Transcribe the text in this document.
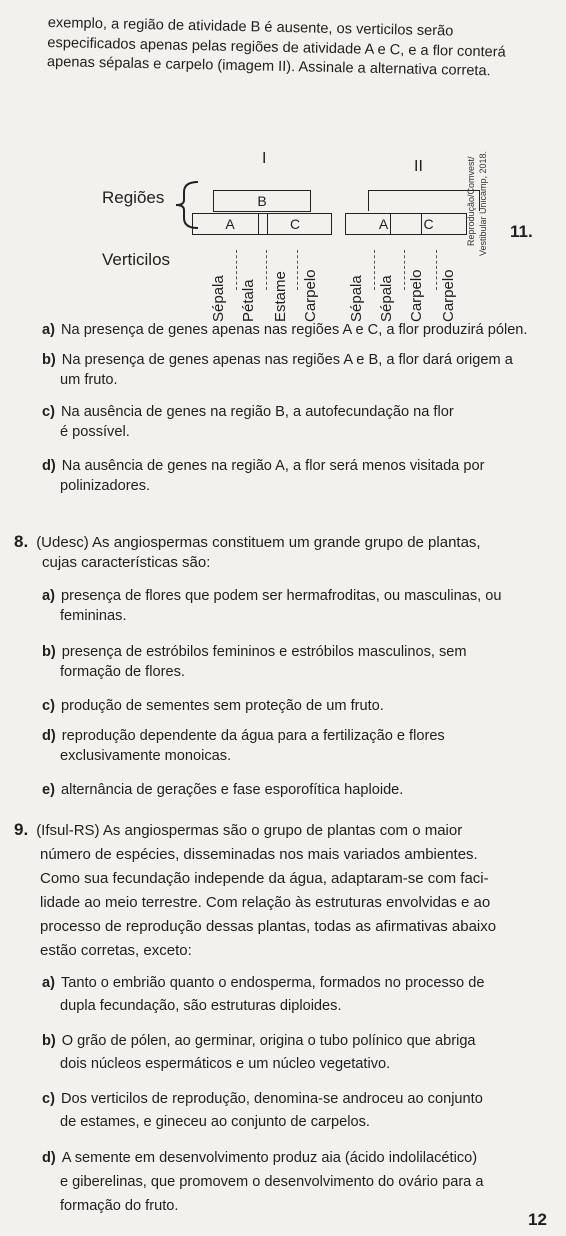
exemplo, a região de atividade B é ausente, os verticilos serão especificados apenas pelas regiões de atividade A e C, e a flor conterá apenas sépalas e carpelo (imagem II). Assinale a alternativa correta.
I	II
Regiões	B
A	C	A	C
Verticilos
Sépala Pétala Estame Carpelo Sépala Sépala Carpelo Carpelo
Reprodução/Comvest/ Vestibular Unicamp, 2018. 11.
a) Na presença de genes apenas nas regiões A e C, a flor produzirá pólen.
b) Na presença de genes apenas nas regiões A e B, a flor dará origem a
um fruto.
c) Na ausência de genes na região B, a autofecundação na flor
é possível.
d) Na ausência de genes na região A, a flor será menos visitada por
polinizadores.
8. (Udesc) As angiospermas constituem um grande grupo de plantas,
cujas características são:
a) presença de flores que podem ser hermafroditas, ou masculinas, ou
femininas.
b) presença de estróbilos femininos e estróbilos masculinos, sem
formação de flores.
c) produção de sementes sem proteção de um fruto.
d) reprodução dependente da água para a fertilização e flores
exclusivamente monoicas.
e) alternância de gerações e fase esporofítica haploide.
9. (Ifsul-RS) As angiospermas são o grupo de plantas com o maior
número de espécies, disseminadas nos mais variados ambientes.
Como sua fecundação independe da água, adaptaram-se com faci-
lidade ao meio terrestre. Com relação às estruturas envolvidas e ao
processo de reprodução dessas plantas, todas as afirmativas abaixo
estão corretas, exceto:
a) Tanto o embrião quanto o endosperma, formados no processo de
dupla fecundação, são estruturas diploides.
b) O grão de pólen, ao germinar, origina o tubo polínico que abriga
dois núcleos espermáticos e um núcleo vegetativo.
c) Dos verticilos de reprodução, denomina-se androceu ao conjunto
de estames, e gineceu ao conjunto de carpelos.
d) A semente em desenvolvimento produz aia (ácido indolilacético)
e giberelinas, que promovem o desenvolvimento do ovário para a
formação do fruto.
12
